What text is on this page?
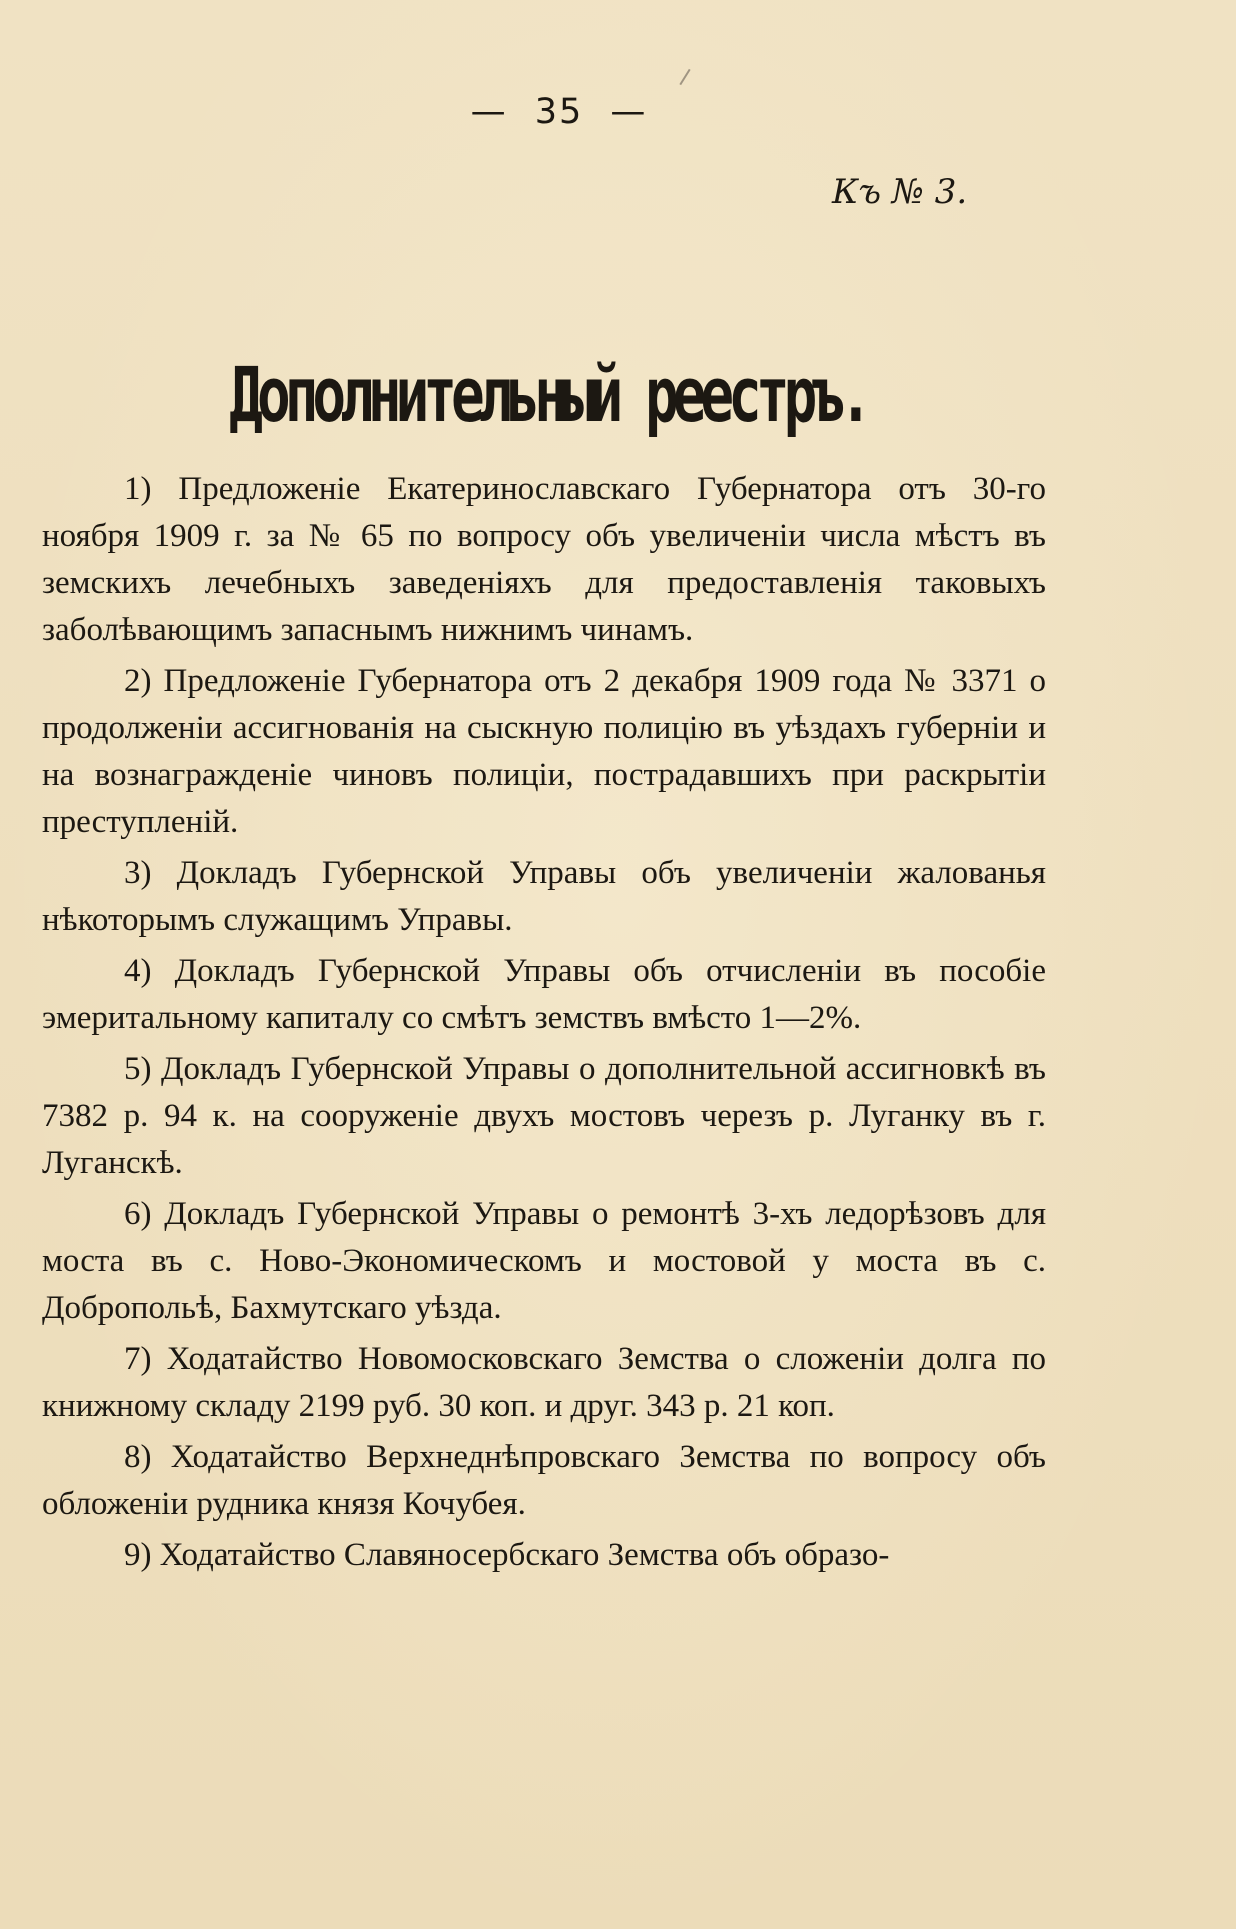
— 35 —
Къ № 3.
Дополнительный реестръ.

1) Предложенiе Екатеринославскаго Губернатора отъ 30-го ноября 1909 г. за № 65 по вопросу объ увеличенiи числа мѣстъ въ земскихъ лечебныхъ заведенiяхъ для предоставленiя таковыхъ заболѣвающимъ запаснымъ нижнимъ чинамъ.

2) Предложенiе Губернатора отъ 2 декабря 1909 года № 3371 о продолженiи ассигнованiя на сыскную полицiю въ уѣздахъ губернiи и на вознагражденiе чиновъ полицiи, пострадавшихъ при раскрытiи преступленiй.

3) Докладъ Губернской Управы объ увеличенiи жалованья нѣкоторымъ служащимъ Управы.

4) Докладъ Губернской Управы объ отчисленiи въ пособiе эмеритальному капиталу со смѣтъ земствъ вмѣсто 1—2%.

5) Докладъ Губернской Управы о дополнительной ассигновкѣ въ 7382 р. 94 к. на сооруженiе двухъ мостовъ черезъ р. Луганку въ г. Луганскѣ.

6) Докладъ Губернской Управы о ремонтѣ 3-хъ ледорѣзовъ для моста въ с. Ново-Экономическомъ и мостовой у моста въ с. Добропольѣ, Бахмутскаго уѣзда.

7) Ходатайство Новомосковскаго Земства о сложенiи долга по книжному складу 2199 руб. 30 коп. и друг. 343 р. 21 коп.

8) Ходатайство Верхнеднѣпровскаго Земства по вопросу объ обложенiи рудника князя Кочубея.

9) Ходатайство Славяносербскаго Земства объ образо-
